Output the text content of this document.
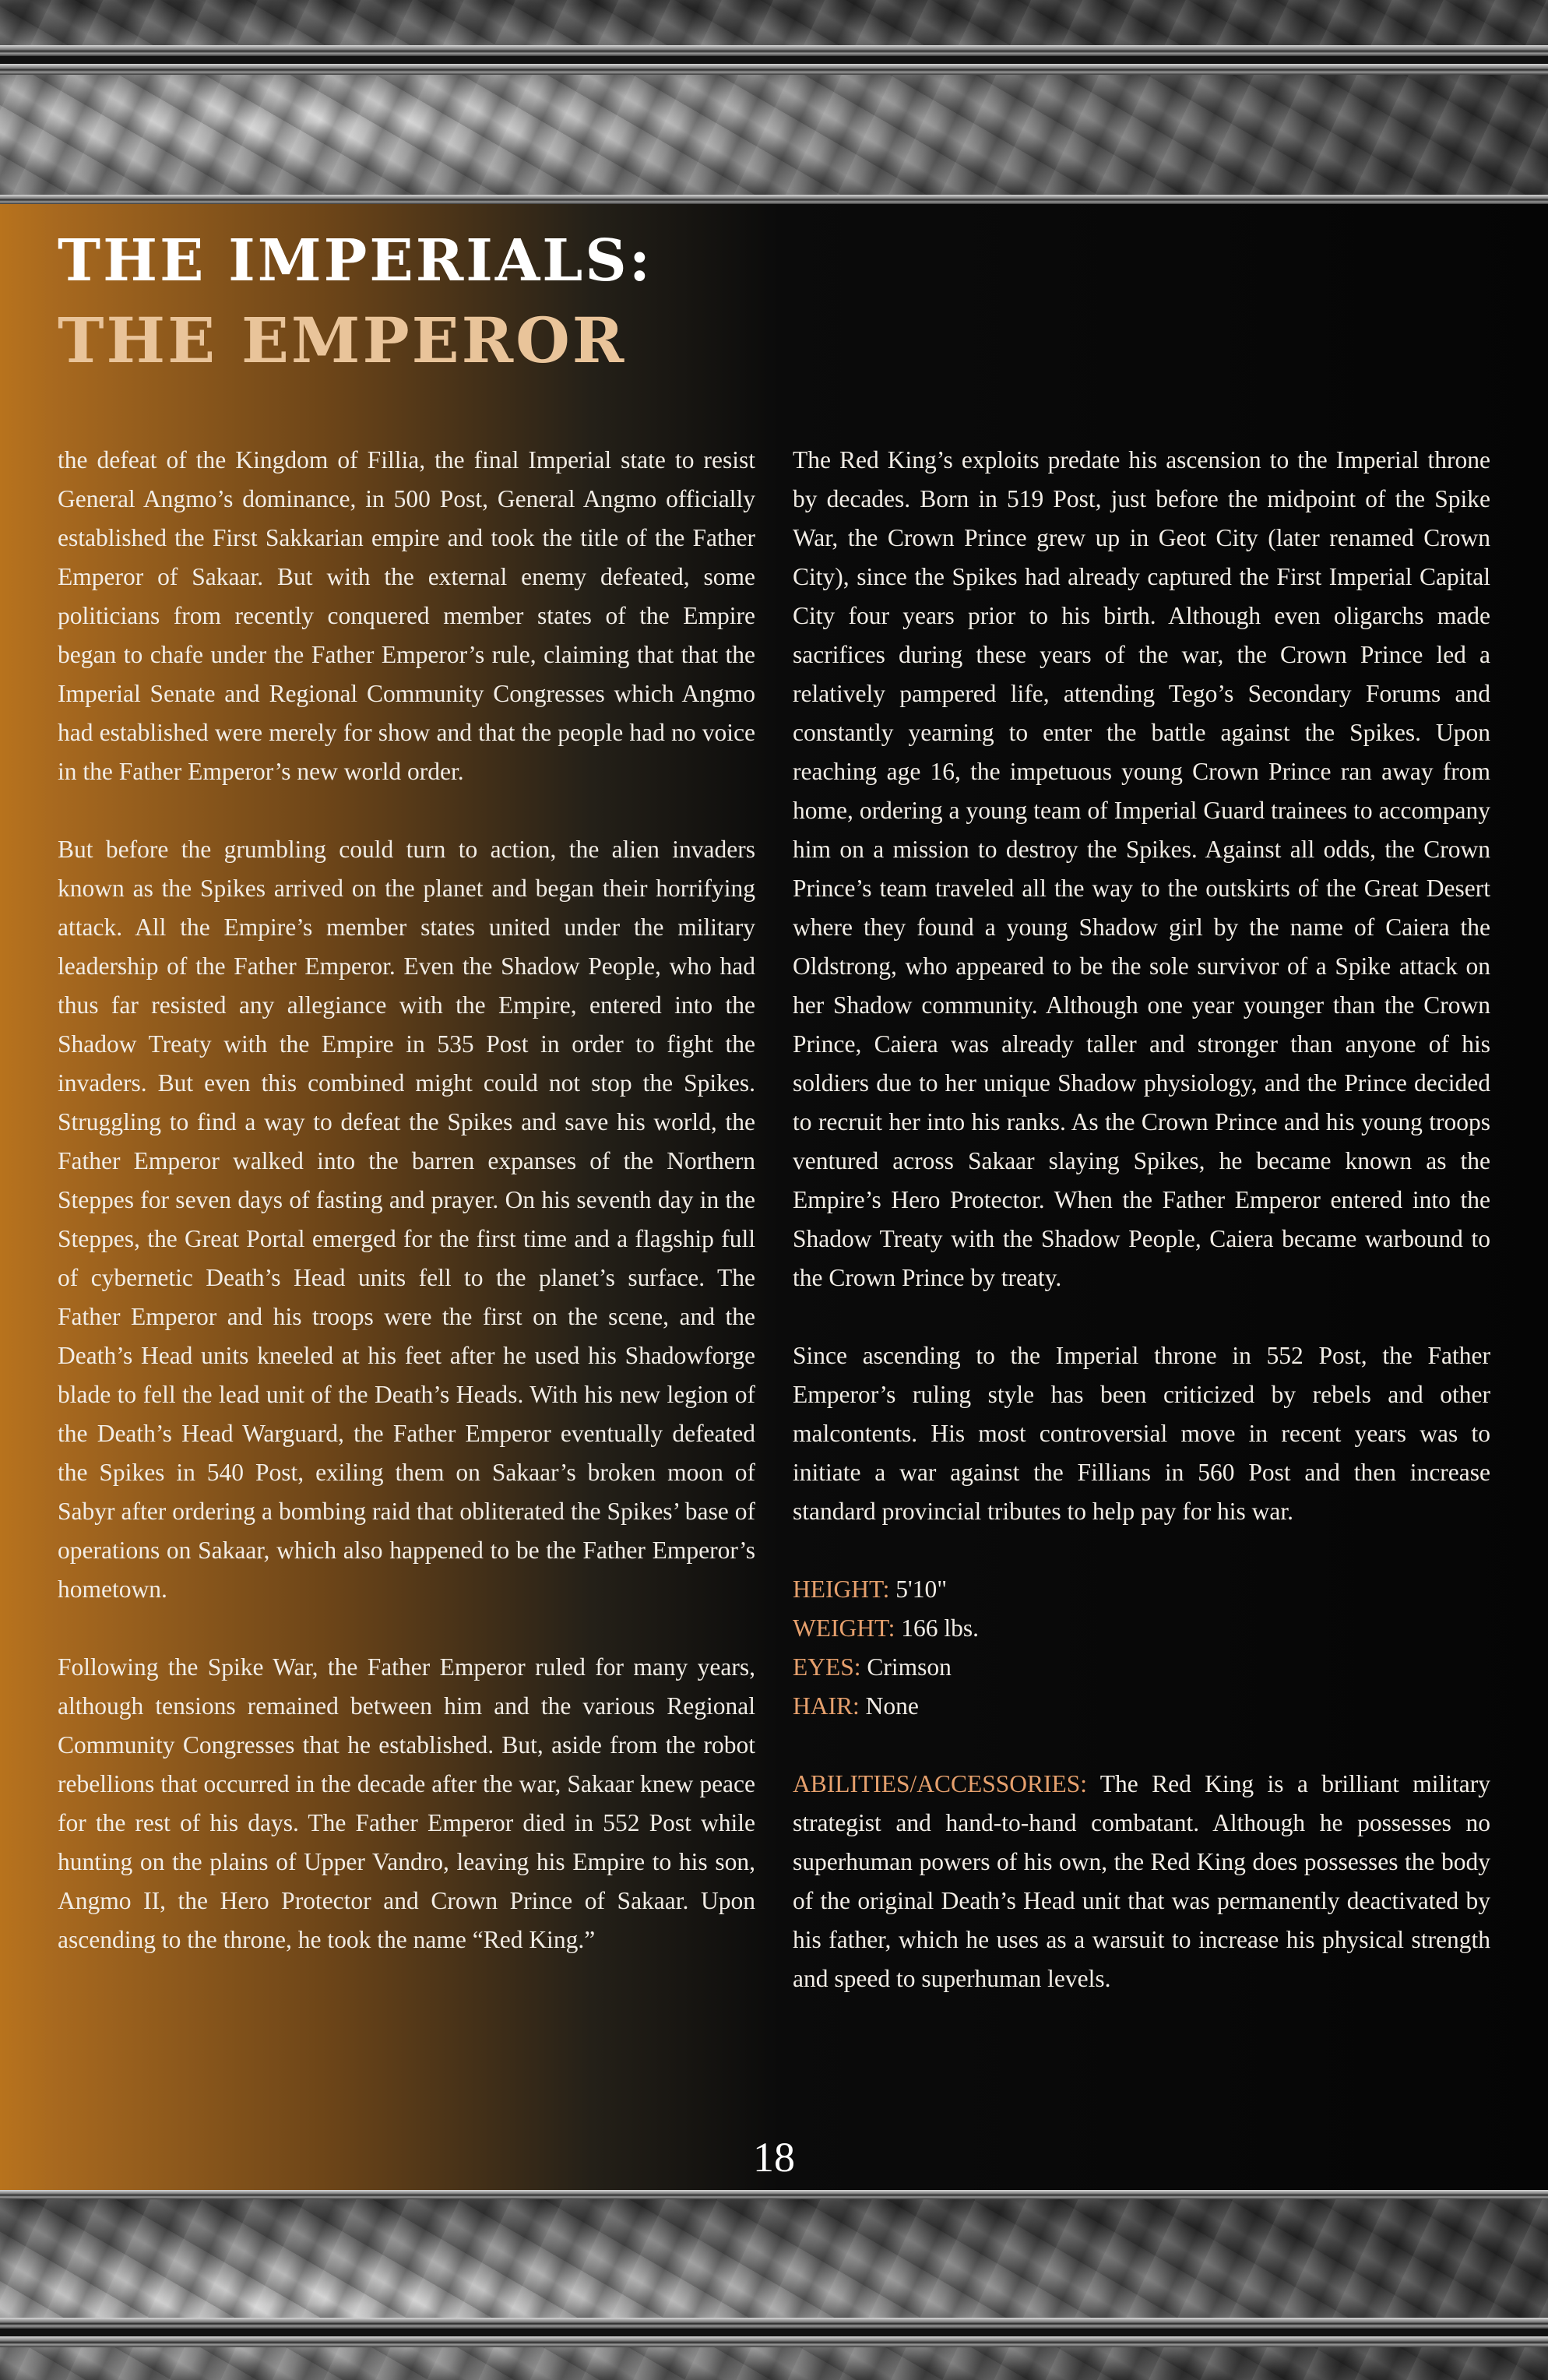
THE IMPERIALS:
THE EMPEROR

the defeat of the Kingdom of Fillia, the final Imperial state to resist General Angmo’s dominance, in 500 Post, General Angmo officially established the First Sakkarian empire and took the title of the Father Emperor of Sakaar. But with the external enemy defeated, some politicians from recently conquered member states of the Empire began to chafe under the Father Emperor’s rule, claiming that that the Imperial Senate and Regional Community Congresses which Angmo had established were merely for show and that the people had no voice in the Father Emperor’s new world order.

But before the grumbling could turn to action, the alien invaders known as the Spikes arrived on the planet and began their horrifying attack. All the Empire’s member states united under the military leadership of the Father Emperor. Even the Shadow People, who had thus far resisted any allegiance with the Empire, entered into the Shadow Treaty with the Empire in 535 Post in order to fight the invaders. But even this combined might could not stop the Spikes. Struggling to find a way to defeat the Spikes and save his world, the Father Emperor walked into the barren expanses of the Northern Steppes for seven days of fasting and prayer. On his seventh day in the Steppes, the Great Portal emerged for the first time and a flagship full of cybernetic Death’s Head units fell to the planet’s surface. The Father Emperor and his troops were the first on the scene, and the Death’s Head units kneeled at his feet after he used his Shadowforge blade to fell the lead unit of the Death’s Heads. With his new legion of the Death’s Head Warguard, the Father Emperor eventually defeated the Spikes in 540 Post, exiling them on Sakaar’s broken moon of Sabyr after ordering a bombing raid that obliterated the Spikes’ base of operations on Sakaar, which also happened to be the Father Emperor’s hometown.

Following the Spike War, the Father Emperor ruled for many years, although tensions remained between him and the various Regional Community Congresses that he established. But, aside from the robot rebellions that occurred in the decade after the war, Sakaar knew peace for the rest of his days. The Father Emperor died in 552 Post while hunting on the plains of Upper Vandro, leaving his Empire to his son, Angmo II, the Hero Protector and Crown Prince of Sakaar. Upon ascending to the throne, he took the name “Red King.”

The Red King’s exploits predate his ascension to the Imperial throne by decades. Born in 519 Post, just before the midpoint of the Spike War, the Crown Prince grew up in Geot City (later renamed Crown City), since the Spikes had already captured the First Imperial Capital City four years prior to his birth. Although even oligarchs made sacrifices during these years of the war, the Crown Prince led a relatively pampered life, attending Tego’s Secondary Forums and constantly yearning to enter the battle against the Spikes. Upon reaching age 16, the impetuous young Crown Prince ran away from home, ordering a young team of Imperial Guard trainees to accompany him on a mission to destroy the Spikes. Against all odds, the Crown Prince’s team traveled all the way to the outskirts of the Great Desert where they found a young Shadow girl by the name of Caiera the Oldstrong, who appeared to be the sole survivor of a Spike attack on her Shadow community. Although one year younger than the Crown Prince, Caiera was already taller and stronger than anyone of his soldiers due to her unique Shadow physiology, and the Prince decided to recruit her into his ranks. As the Crown Prince and his young troops ventured across Sakaar slaying Spikes, he became known as the Empire’s Hero Protector. When the Father Emperor entered into the Shadow Treaty with the Shadow People, Caiera became warbound to the Crown Prince by treaty.

Since ascending to the Imperial throne in 552 Post, the Father Emperor’s ruling style has been criticized by rebels and other malcontents. His most controversial move in recent years was to initiate a war against the Fillians in 560 Post and then increase standard provincial tributes to help pay for his war.

HEIGHT: 5'10"

WEIGHT: 166 lbs.

EYES: Crimson

HAIR: None

ABILITIES/ACCESSORIES: The Red King is a brilliant military strategist and hand-to-hand combatant. Although he possesses no superhuman powers of his own, the Red King does possesses the body of the original Death’s Head unit that was permanently deactivated by his father, which he uses as a warsuit to increase his physical strength and speed to superhuman levels.

18
